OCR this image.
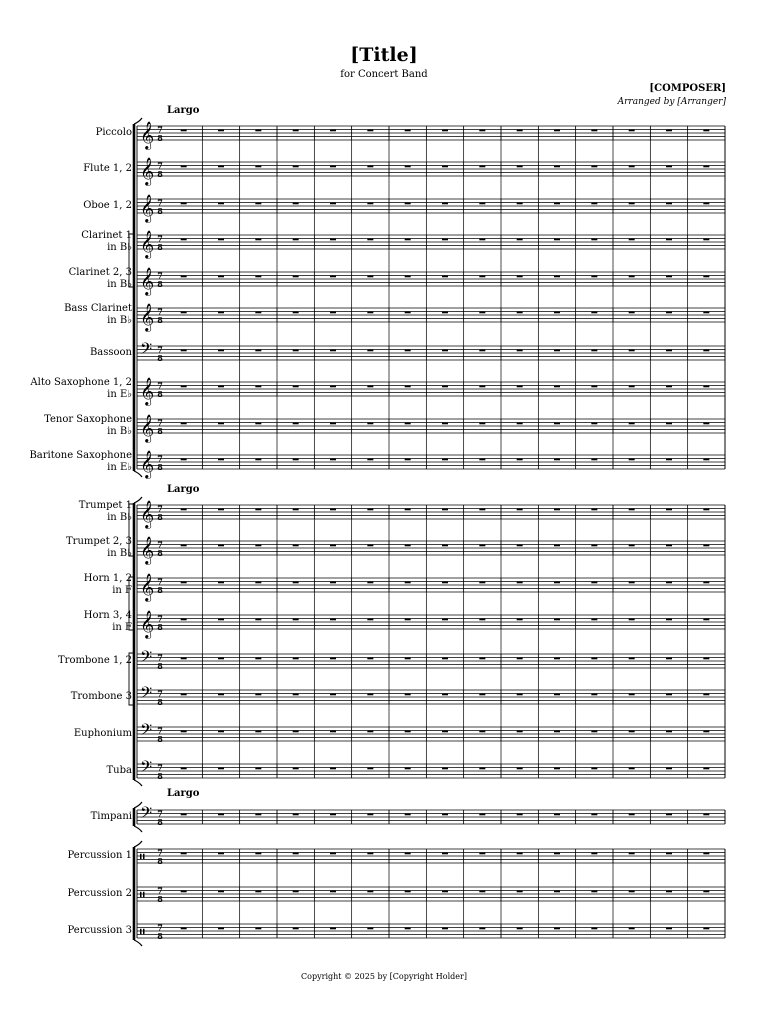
[Title]
for Concert Band
[COMPOSER]
Arranged by [Arranger]
Largo
Largo
Largo
Piccolo
Flute 1, 2
Oboe 1, 2
Clarinet 1
in B♭
Clarinet 2, 3
in B♭
Bass Clarinet
in B♭
Bassoon
Alto Saxophone 1, 2
in E♭
Tenor Saxophone
in B♭
Baritone Saxophone
in E♭
Trumpet 1
in B♭
Trumpet 2, 3
in B♭
Horn 1, 2
in F
Horn 3, 4
in F
Trombone 1, 2
Trombone 3
Euphonium
Tuba
Timpani
Percussion 1
Percussion 2
Percussion 3
𝄞 7
8
𝄞 7
8
𝄞 7
8
𝄞 7
8
𝄞 7
8
𝄞 7
8
𝄢 7
8
𝄞 7
8
𝄞 7
8
𝄞 7
8
𝄞 7
8
𝄞 7
8
𝄞 7
8
𝄞 7
8
𝄢 7
8
𝄢 7
8
𝄢 7
8
𝄢 7
8
𝄢 7
8
𝄥 7
8
𝄥 7
8
𝄥 7
8
Copyright © 2025 by [Copyright Holder]
